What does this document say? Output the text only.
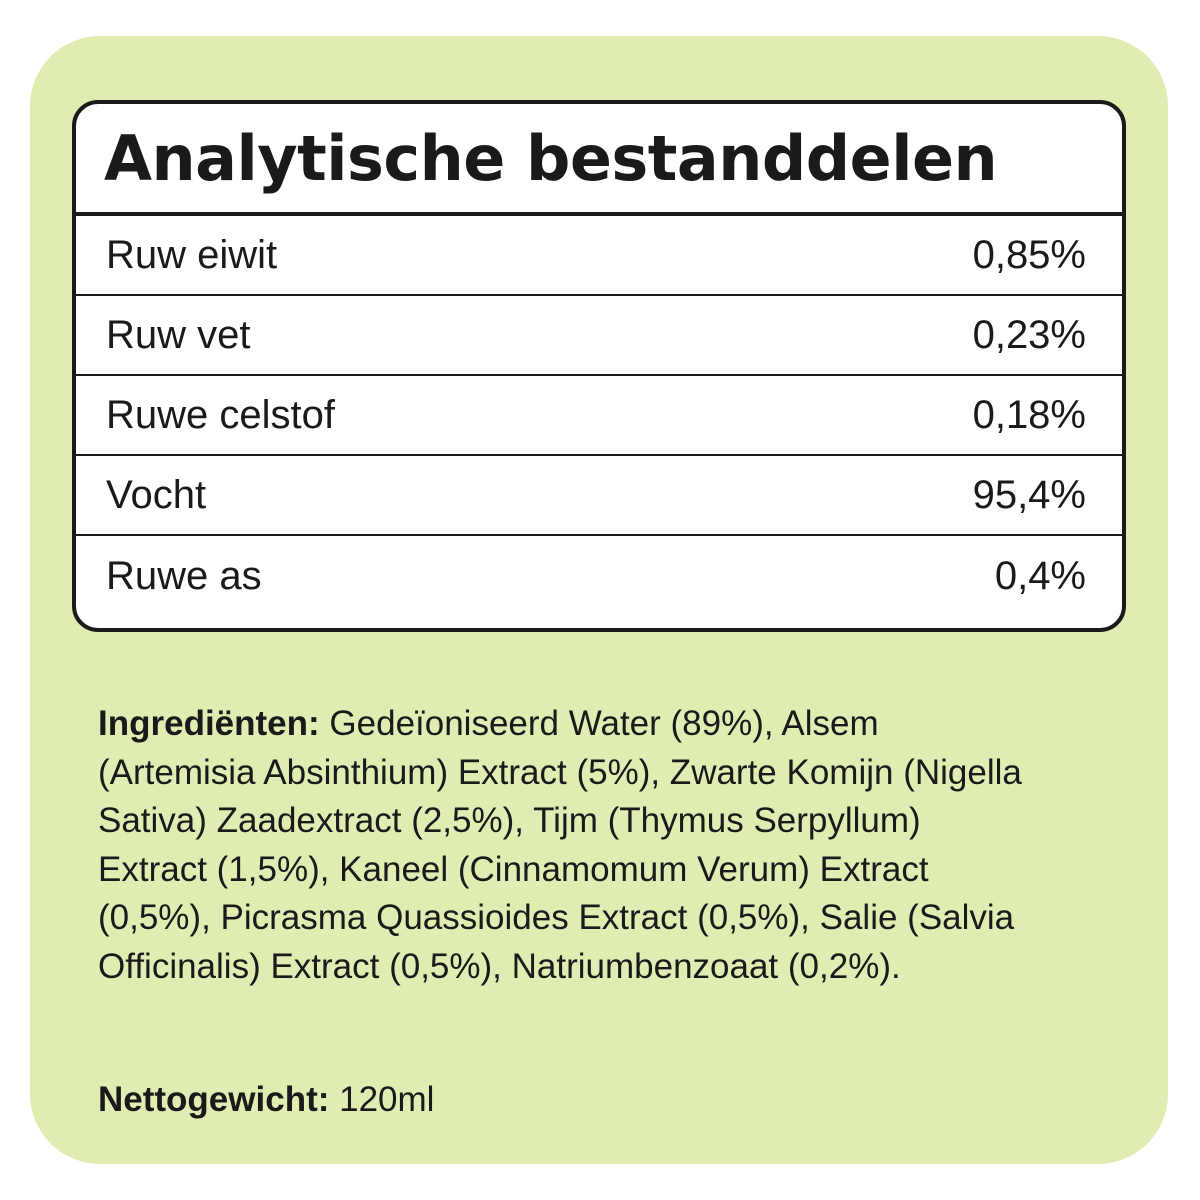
Analytische bestanddelen
Ruw eiwit	0,85%
Ruw vet	0,23%
Ruwe celstof	0,18%
Vocht	95,4%
Ruwe as	0,4%

Ingrediënten: Gedeïoniseerd Water (89%), Alsem (Artemisia Absinthium) Extract (5%), Zwarte Komijn (Nigella Sativa) Zaadextract (2,5%), Tijm (Thymus Serpyllum) Extract (1,5%), Kaneel (Cinnamomum Verum) Extract (0,5%), Picrasma Quassioides Extract (0,5%), Salie (Salvia Officinalis) Extract (0,5%), Natriumbenzoaat (0,2%).

Nettogewicht: 120ml
